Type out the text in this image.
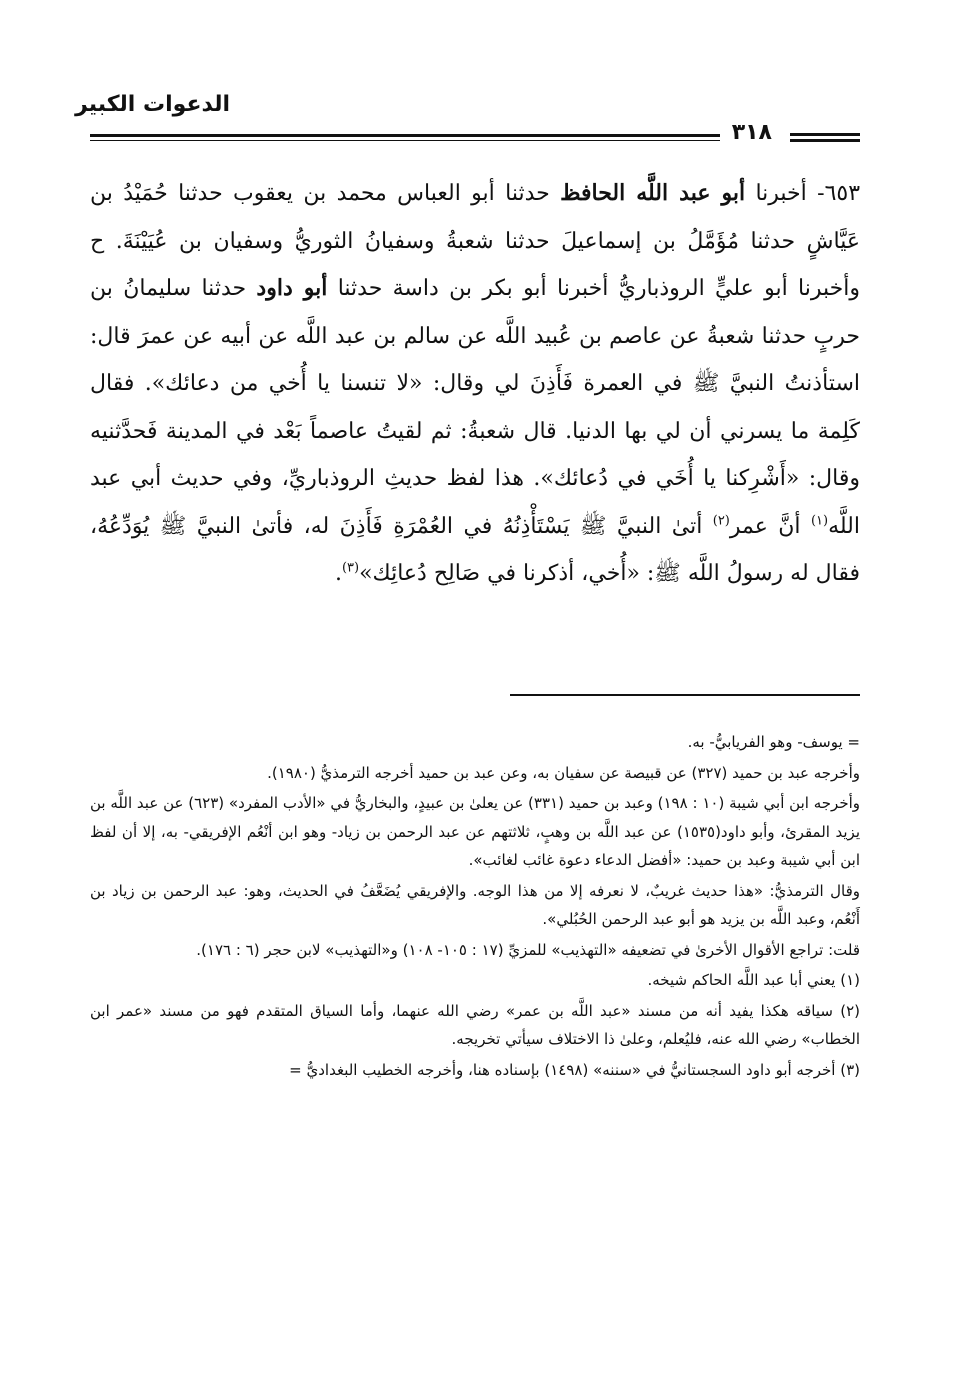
الدعوات الكبير
٣١٨

٦٥٣- أخبرنا أبو عبد اللَّه الحافظ حدثنا أبو العباس محمد بن يعقوب حدثنا حُمَيْدُ بن عَيَّاشٍ حدثنا مُؤَمَّلُ بن إسماعيلَ حدثنا شعبةُ وسفيانُ الثوريُّ وسفيان بن عُيَيْنَةَ. ح وأخبرنا أبو عليٍّ الروذباريُّ أخبرنا أبو بكر بن داسة حدثنا أبو داود حدثنا سليمانُ بن حربٍ حدثنا شعبةُ عن عاصم بن عُبيد اللَّه عن سالم بن عبد اللَّه عن أبيه عن عمرَ قال: استأذنتُ النبيَّ ﷺ في العمرة فَأَذِنَ لي وقال: «لا تنسنا يا أُخي من دعائك». فقال كَلِمة ما يسرني أن لي بها الدنيا. قال شعبةُ: ثم لقيتُ عاصماً بَعْد في المدينة فَحدَّثنيه وقال: «أَشْرِكنا يا أُخَي في دُعائك». هذا لفظ حديثِ الروذباريِّ، وفي حديث أبي عبد اللَّه$^{(١)}$ أنَّ عمر$^{(٢)}$ أتىٰ النبيَّ ﷺ يَسْتَأْذِنُهُ في العُمْرَةِ فَأَذِنَ له، فأتىٰ النبيَّ ﷺ يُوَدِّعُهُ، فقال له رسولُ اللَّه ﷺ: «أُخي، أذكرنا في صَالِح دُعائِك»$^{(٣)}$.

= يوسف- وهو الفريابيُّ- به.

وأخرجه عبد بن حميد (٣٢٧) عن قبيصة عن سفيان به، وعن عبد بن حميد أخرجه الترمذيُّ (١٩٨٠).

وأخرجه ابن أبي شيبة (١٠ : ١٩٨) وعبد بن حميد (٣٣١) عن يعلىٰ بن عبيدٍ، والبخاريُّ في «الأدب المفرد» (٦٢٣) عن عبد اللَّه بن يزيد المقرئ، وأبو داود(١٥٣٥) عن عبد اللَّه بن وهبٍ، ثلاثتهم عن عبد الرحمن بن زياد- وهو ابن أنْعُم الإفريقي- به، إلا أن لفظ ابن أبي شيبة وعبد بن حميد: «أفضل الدعاء دعوة غائب لغائب».

وقال الترمذيُّ: «هذا حديث غريبٌ، لا نعرفه إلا من هذا الوجه. والإفريقي يُضَعَّفُ في الحديث، وهو: عبد الرحمن بن زياد بن أَنْعُم، وعبد اللَّه بن يزيد هو أبو عبد الرحمن الحُبُلي».

قلت: تراجع الأقوال الأخرىٰ في تضعيفه «التهذيب» للمزيِّ (١٧ : ١٠٥- ١٠٨) و«التهذيب» لابن حجر (٦ : ١٧٦).

(١) يعني أبا عبد اللَّه الحاكم شيخه.

(٢) سياقه هكذا يفيد أنه من مسند «عبد اللَّه بن عمر» رضي الله عنهما، وأما السياق المتقدم فهو من مسند «عمر ابن الخطاب» رضي الله عنه، فليُعلم، وعلىٰ ذا الاختلاف سيأتي تخريجه.

(٣) أخرجه أبو داود السجستانيُّ في «سننه» (١٤٩٨) بإسناده هنا، وأخرجه الخطيب البغداديُّ =
